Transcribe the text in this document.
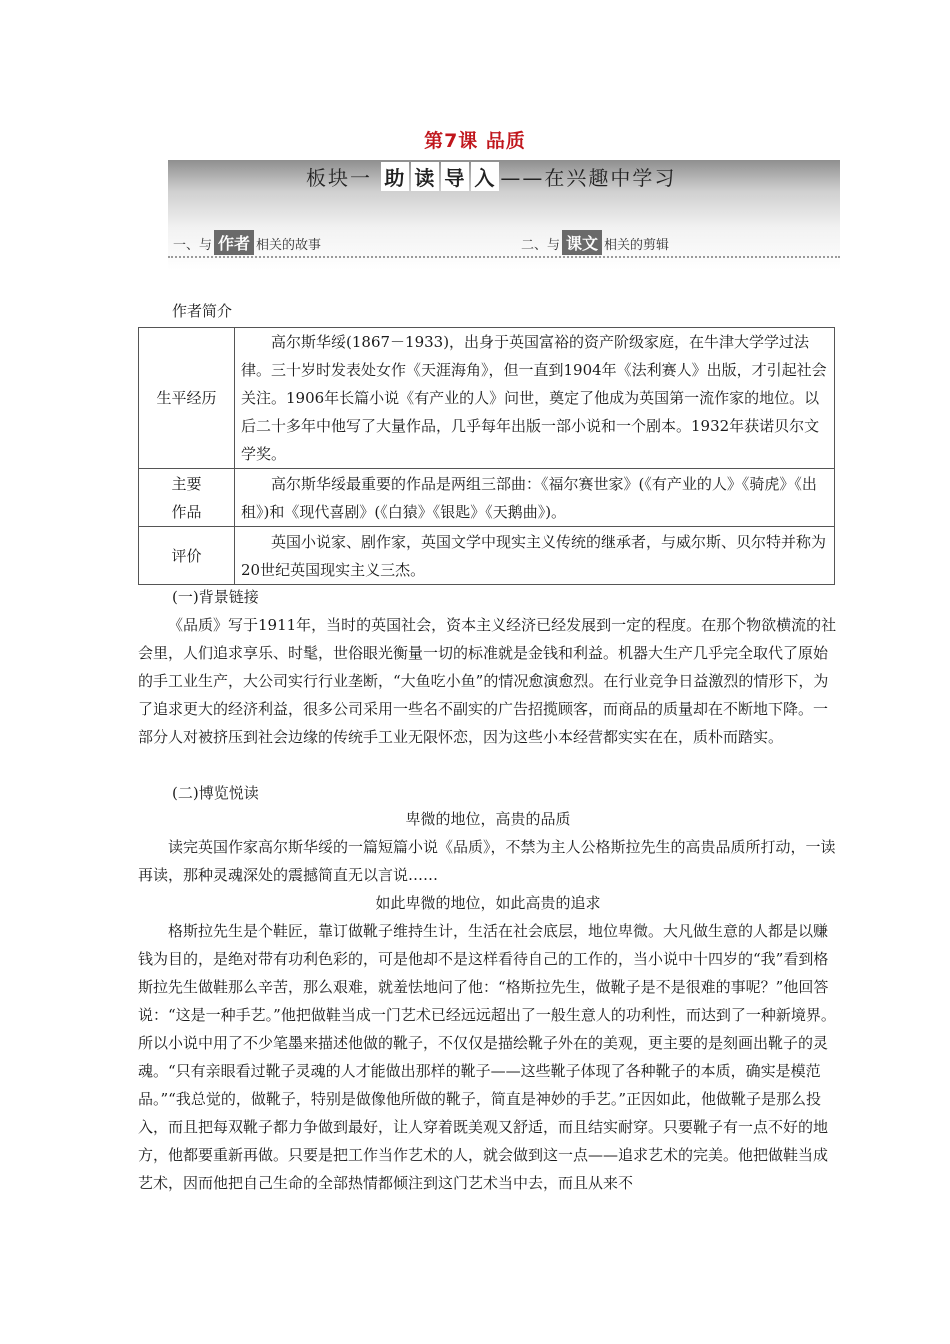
第7课 品质
板块一 助 读 导 入 ——在兴趣中学习
一、与 作者 相关的故事	二、与 课文 相关的剪辑
作者简介
生平经历	高尔斯华绥(1867－1933)，出身于英国富裕的资产阶级家庭，在牛津大学学过法律。三十岁时发表处女作《天涯海角》，但一直到1904年《法利赛人》出版，才引起社会关注。1906年长篇小说《有产业的人》问世，奠定了他成为英国第一流作家的地位。以后二十多年中他写了大量作品，几乎每年出版一部小说和一个剧本。1932年获诺贝尔文学奖。
主要
作品	高尔斯华绥最重要的作品是两组三部曲：《福尔赛世家》(《有产业的人》《骑虎》《出租》)和《现代喜剧》(《白猿》《银匙》《天鹅曲》)。
评价	英国小说家、剧作家，英国文学中现实主义传统的继承者，与威尔斯、贝尔特并称为20世纪英国现实主义三杰。
(一)背景链接
《品质》写于1911年，当时的英国社会，资本主义经济已经发展到一定的程度。在那个物欲横流的社会里，人们追求享乐、时髦，世俗眼光衡量一切的标准就是金钱和利益。机器大生产几乎完全取代了原始的手工业生产，大公司实行行业垄断，“大鱼吃小鱼”的情况愈演愈烈。在行业竞争日益激烈的情形下，为了追求更大的经济利益，很多公司采用一些名不副实的广告招揽顾客，而商品的质量却在不断地下降。一部分人对被挤压到社会边缘的传统手工业无限怀恋，因为这些小本经营都实实在在，质朴而踏实。
(二)博览悦读
卑微的地位，高贵的品质
读完英国作家高尔斯华绥的一篇短篇小说《品质》，不禁为主人公格斯拉先生的高贵品质所打动，一读再读，那种灵魂深处的震撼简直无以言说……
如此卑微的地位，如此高贵的追求
格斯拉先生是个鞋匠，靠订做靴子维持生计，生活在社会底层，地位卑微。大凡做生意的人都是以赚钱为目的，是绝对带有功利色彩的，可是他却不是这样看待自己的工作的，当小说中十四岁的“我”看到格斯拉先生做鞋那么辛苦，那么艰难，就羞怯地问了他：“格斯拉先生，做靴子是不是很难的事呢？”他回答说：“这是一种手艺。”他把做鞋当成一门艺术已经远远超出了一般生意人的功利性，而达到了一种新境界。所以小说中用了不少笔墨来描述他做的靴子，不仅仅是描绘靴子外在的美观，更主要的是刻画出靴子的灵魂。“只有亲眼看过靴子灵魂的人才能做出那样的靴子——这些靴子体现了各种靴子的本质，确实是模范品。”“我总觉的，做靴子，特别是做像他所做的靴子，简直是神妙的手艺。”正因如此，他做靴子是那么投入，而且把每双靴子都力争做到最好，让人穿着既美观又舒适，而且结实耐穿。只要靴子有一点不好的地方，他都要重新再做。只要是把工作当作艺术的人，就会做到这一点——追求艺术的完美。他把做鞋当成艺术，因而他把自己生命的全部热情都倾注到这门艺术当中去，而且从来不
